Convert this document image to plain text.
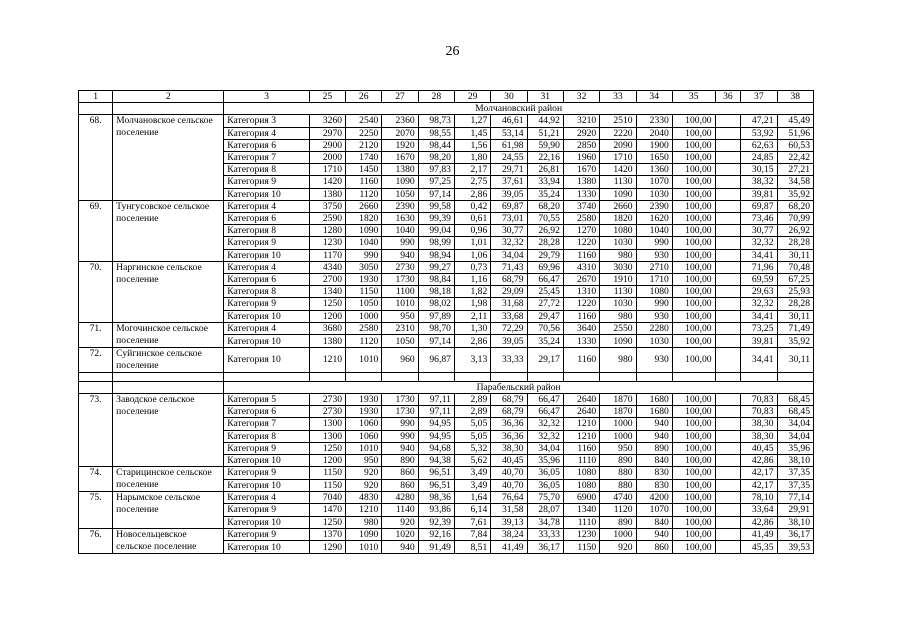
26
1	2	3	25	26	27	28	29	30	31	32	33	34	35	36	37	38
		Молчановский район														
68.	Молчановское сельское поселение	Категория 3	3260	2540	2360	98,73	1,27	46,61	44,92	3210	2510	2330	100,00		47,21	45,49
		Категория 4	2970	2250	2070	98,55	1,45	53,14	51,21	2920	2220	2040	100,00		53,92	51,96
		Категория 6	2900	2120	1920	98,44	1,56	61,98	59,90	2850	2090	1900	100,00		62,63	60,53
		Категория 7	2000	1740	1670	98,20	1,80	24,55	22,16	1960	1710	1650	100,00		24,85	22,42
		Категория 8	1710	1450	1380	97,83	2,17	29,71	26,81	1670	1420	1360	100,00		30,15	27,21
		Категория 9	1420	1160	1090	97,25	2,75	37,61	33,94	1380	1130	1070	100,00		38,32	34,58
		Категория 10	1380	1120	1050	97,14	2,86	39,05	35,24	1330	1090	1030	100,00		39,81	35,92
69.	Тунгусовское сельское поселение	Категория 4	3750	2660	2390	99,58	0,42	69,87	68,20	3740	2660	2390	100,00		69,87	68,20
		Категория 6	2590	1820	1630	99,39	0,61	73,01	70,55	2580	1820	1620	100,00		73,46	70,99
		Категория 8	1280	1090	1040	99,04	0,96	30,77	26,92	1270	1080	1040	100,00		30,77	26,92
		Категория 9	1230	1040	990	98,99	1,01	32,32	28,28	1220	1030	990	100,00		32,32	28,28
		Категория 10	1170	990	940	98,94	1,06	34,04	29,79	1160	980	930	100,00		34,41	30,11
70.	Наргинское сельское поселение	Категория 4	4340	3050	2730	99,27	0,73	71,43	69,96	4310	3030	2710	100,00		71,96	70,48
		Категория 6	2700	1930	1730	98,84	1,16	68,79	66,47	2670	1910	1710	100,00		69,59	67,25
		Категория 8	1340	1150	1100	98,18	1,82	29,09	25,45	1310	1130	1080	100,00		29,63	25,93
		Категория 9	1250	1050	1010	98,02	1,98	31,68	27,72	1220	1030	990	100,00		32,32	28,28
		Категория 10	1200	1000	950	97,89	2,11	33,68	29,47	1160	980	930	100,00		34,41	30,11
71.	Могочинское сельское поселение	Категория 4	3680	2580	2310	98,70	1,30	72,29	70,56	3640	2550	2280	100,00		73,25	71,49
		Категория 10	1380	1120	1050	97,14	2,86	39,05	35,24	1330	1090	1030	100,00		39,81	35,92
72.	Суйгинское сельское поселение	Категория 10	1210	1010	960	96,87	3,13	33,33	29,17	1160	980	930	100,00		34,41	30,11

		Парабельский район														
73.	Заводское сельское поселение	Категория 5	2730	1930	1730	97,11	2,89	68,79	66,47	2640	1870	1680	100,00		70,83	68,45
		Категория 6	2730	1930	1730	97,11	2,89	68,79	66,47	2640	1870	1680	100,00		70,83	68,45
		Категория 7	1300	1060	990	94,95	5,05	36,36	32,32	1210	1000	940	100,00		38,30	34,04
		Категория 8	1300	1060	990	94,95	5,05	36,36	32,32	1210	1000	940	100,00		38,30	34,04
		Категория 9	1250	1010	940	94,68	5,32	38,30	34,04	1160	950	890	100,00		40,45	35,96
		Категория 10	1200	950	890	94,38	5,62	40,45	35,96	1110	890	840	100,00		42,86	38,10
74.	Старицинское сельское поселение	Категория 9	1150	920	860	96,51	3,49	40,70	36,05	1080	880	830	100,00		42,17	37,35
		Категория 10	1150	920	860	96,51	3,49	40,70	36,05	1080	880	830	100,00		42,17	37,35
75.	Нарымское сельское поселение	Категория 4	7040	4830	4280	98,36	1,64	76,64	75,70	6900	4740	4200	100,00		78,10	77,14
		Категория 9	1470	1210	1140	93,86	6,14	31,58	28,07	1340	1120	1070	100,00		33,64	29,91
		Категория 10	1250	980	920	92,39	7,61	39,13	34,78	1110	890	840	100,00		42,86	38,10
76.	Новосельцевское сельское поселение	Категория 9	1370	1090	1020	92,16	7,84	38,24	33,33	1230	1000	940	100,00		41,49	36,17
		Категория 10	1290	1010	940	91,49	8,51	41,49	36,17	1150	920	860	100,00		45,35	39,53
